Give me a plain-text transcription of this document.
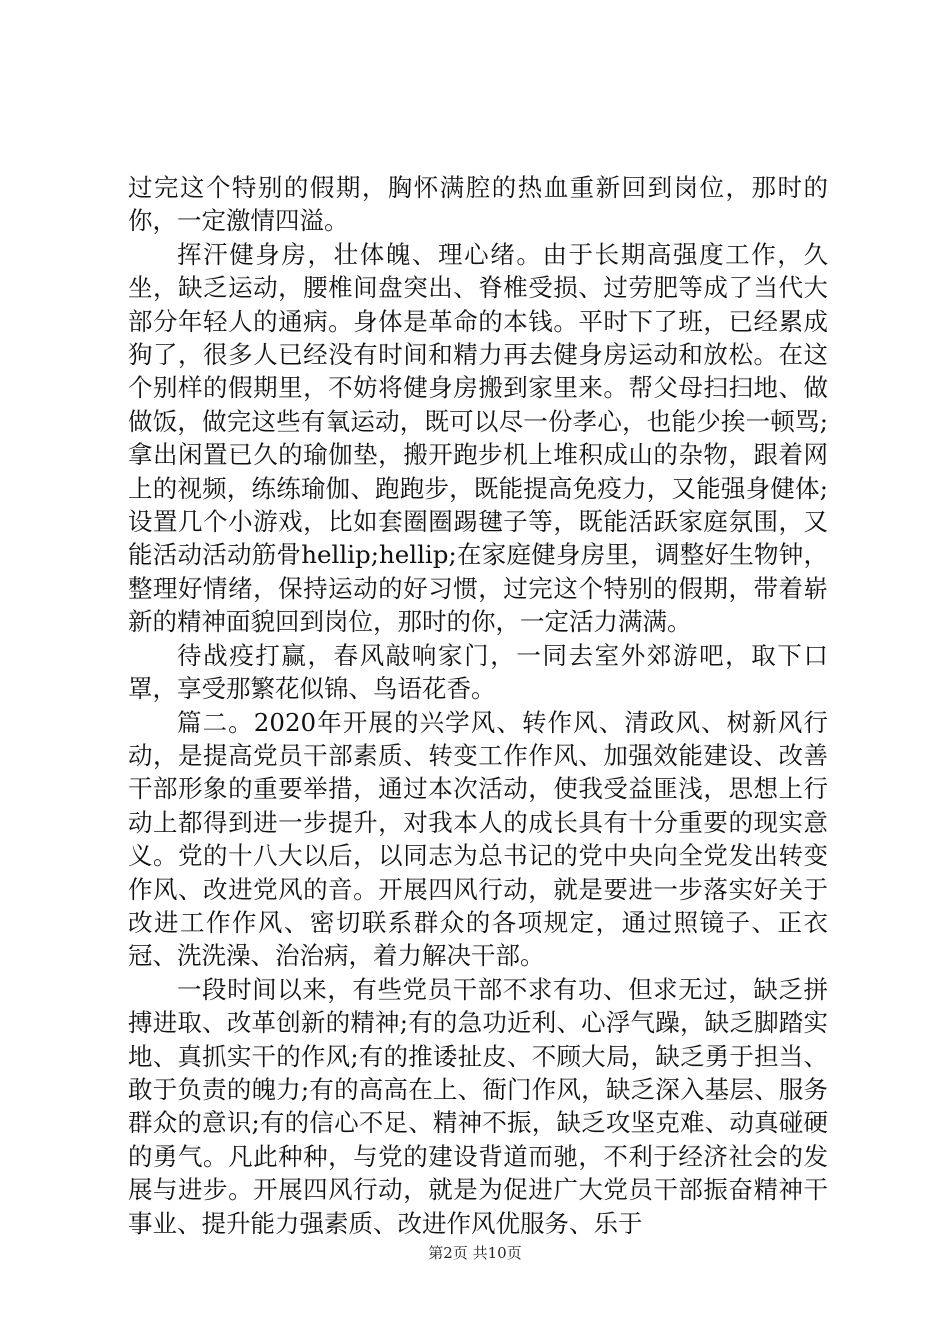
过完这个特别的假期，胸怀满腔的热血重新回到岗位，那时的你，一定激情四溢。

挥汗健身房，壮体魄、理心绪。由于长期高强度工作，久坐，缺乏运动，腰椎间盘突出、脊椎受损、过劳肥等成了当代大部分年轻人的通病。身体是革命的本钱。平时下了班，已经累成狗了，很多人已经没有时间和精力再去健身房运动和放松。在这个别样的假期里，不妨将健身房搬到家里来。帮父母扫扫地、做做饭，做完这些有氧运动，既可以尽一份孝心，也能少挨一顿骂;拿出闲置已久的瑜伽垫，搬开跑步机上堆积成山的杂物，跟着网上的视频，练练瑜伽、跑跑步，既能提高免疫力，又能强身健体;设置几个小游戏，比如套圈圈踢毽子等，既能活跃家庭氛围，又能活动活动筋骨hellip;hellip;在家庭健身房里，调整好生物钟，整理好情绪，保持运动的好习惯，过完这个特别的假期，带着崭新的精神面貌回到岗位，那时的你，一定活力满满。

待战疫打赢，春风敲响家门，一同去室外郊游吧，取下口罩，享受那繁花似锦、鸟语花香。

篇二。2020年开展的兴学风、转作风、清政风、树新风行动，是提高党员干部素质、转变工作作风、加强效能建设、改善干部形象的重要举措，通过本次活动，使我受益匪浅，思想上行动上都得到进一步提升，对我本人的成长具有十分重要的现实意义。党的十八大以后，以同志为总书记的党中央向全党发出转变作风、改进党风的音。开展四风行动，就是要进一步落实好关于改进工作作风、密切联系群众的各项规定，通过照镜子、正衣冠、洗洗澡、治治病，着力解决干部。

一段时间以来，有些党员干部不求有功、但求无过，缺乏拼搏进取、改革创新的精神;有的急功近利、心浮气躁，缺乏脚踏实地、真抓实干的作风;有的推诿扯皮、不顾大局，缺乏勇于担当、敢于负责的魄力;有的高高在上、衙门作风，缺乏深入基层、服务群众的意识;有的信心不足、精神不振，缺乏攻坚克难、动真碰硬的勇气。凡此种种，与党的建设背道而驰，不利于经济社会的发展与进步。开展四风行动，就是为促进广大党员干部振奋精神干事业、提升能力强素质、改进作风优服务、乐于

第2页 共10页
